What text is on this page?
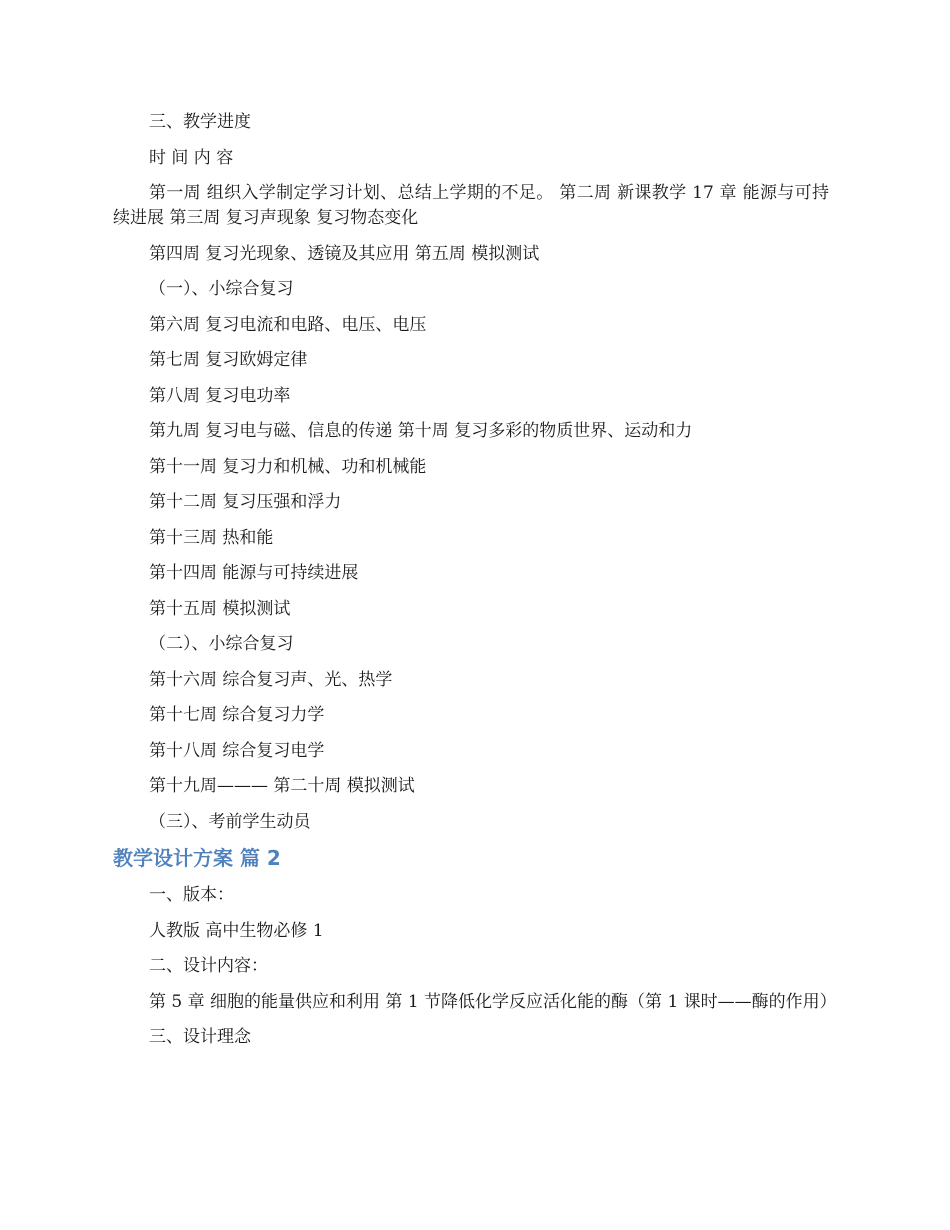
三、教学进度

时 间 内 容

第一周 组织入学制定学习计划、总结上学期的不足。 第二周 新课教学 17 章 能源与可持续进展 第三周 复习声现象 复习物态变化

第四周 复习光现象、透镜及其应用 第五周 模拟测试

（一）、小综合复习

第六周 复习电流和电路、电压、电压

第七周 复习欧姆定律

第八周 复习电功率

第九周 复习电与磁、信息的传递 第十周 复习多彩的物质世界、运动和力

第十一周 复习力和机械、功和机械能

第十二周 复习压强和浮力

第十三周 热和能

第十四周 能源与可持续进展

第十五周 模拟测试

（二）、小综合复习

第十六周 综合复习声、光、热学

第十七周 综合复习力学

第十八周 综合复习电学

第十九周——— 第二十周 模拟测试

（三）、考前学生动员

教学设计方案 篇 2

一、版本：

人教版 高中生物必修 1

二、设计内容：

第 5 章 细胞的能量供应和利用 第 1 节降低化学反应活化能的酶（第 1 课时——酶的作用）

三、设计理念
